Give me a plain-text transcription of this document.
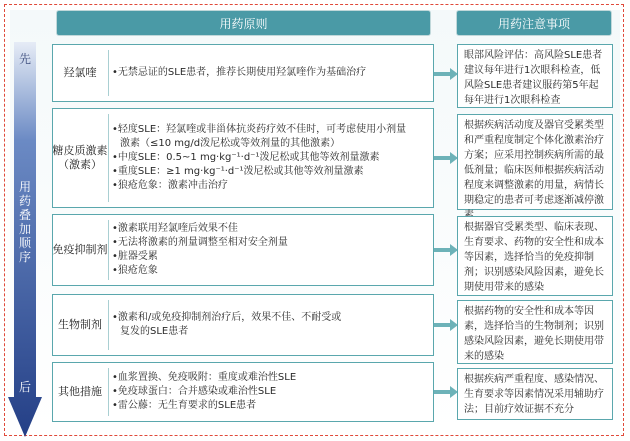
用药原则	用药注意事项
先
用
药
叠
加
顺
序
后
羟氯喹	•无禁忌证的SLE患者，推荐长期使用羟氯喹作为基础治疗
眼部风险评估：高风险SLE患者建议每年进行1次眼科检查，低风险SLE患者建议服药第5年起每年进行1次眼科检查
糖皮质激素（激素）
•轻度SLE：羟氯喹或非甾体抗炎药疗效不佳时，可考虑使用小剂量
激素（≤10 mg/d泼尼松或等效剂量的其他激素）
•中度SLE：0.5~1 mg·kg⁻¹·d⁻¹泼尼松或其他等效剂量激素
•重度SLE：≥1 mg·kg⁻¹·d⁻¹泼尼松或其他等效剂量激素
•狼疮危象：激素冲击治疗
根据疾病活动度及器官受累类型和严重程度制定个体化激素治疗方案；应采用控制疾病所需的最低剂量；临床医师根据疾病活动程度来调整激素的用量，病情长期稳定的患者可考虑逐渐减停激
免疫抑制剂
•激素联用羟氯喹后效果不佳
•无法将激素的剂量调整至相对安全剂量
•脏器受累
•狼疮危象
根据器官受累类型、临床表现、生育要求、药物的安全性和成本等因素，选择恰当的免疫抑制剂；识别感染风险因素，避免长期使用带来的感染
生物制剂
•激素和/或免疫抑制剂治疗后，效果不佳、不耐受或
复发的SLE患者
根据药物的安全性和成本等因素，选择恰当的生物制剂；识别感染风险因素，避免长期使用带来的感染
其他措施
•血浆置换、免疫吸附：重度或难治性SLE
•免疫球蛋白：合并感染或难治性SLE
•雷公藤：无生育要求的SLE患者
根据疾病严重程度、感染情况、生育要求等因素情况采用辅助疗法；目前疗效证据不充分
